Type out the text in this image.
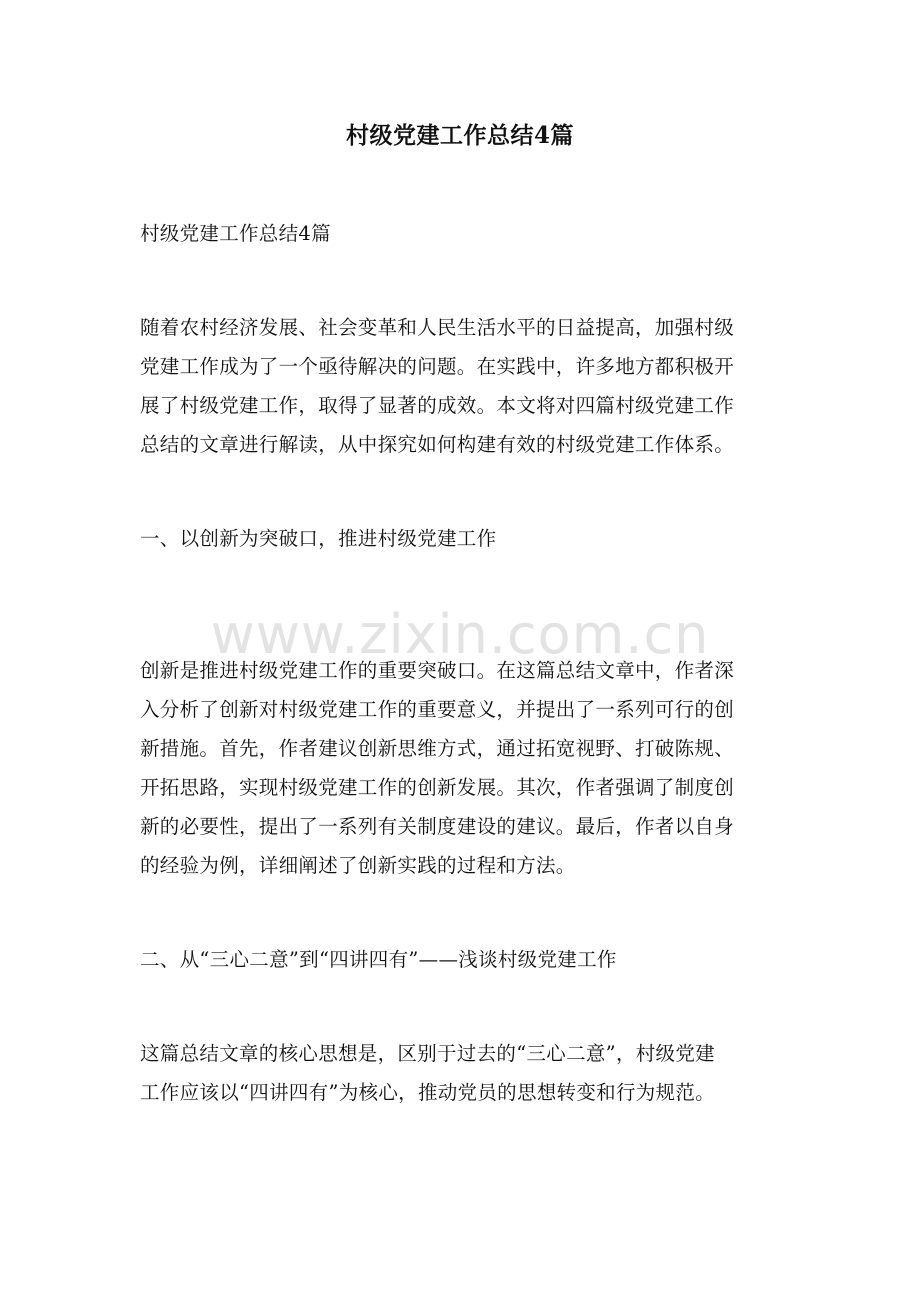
村级党建工作总结4篇
村级党建工作总结4篇
随着农村经济发展、社会变革和人民生活水平的日益提高，加强村级
党建工作成为了一个亟待解决的问题。在实践中，许多地方都积极开
展了村级党建工作，取得了显著的成效。本文将对四篇村级党建工作
总结的文章进行解读，从中探究如何构建有效的村级党建工作体系。
一、以创新为突破口，推进村级党建工作
www.zixin.com.cn
创新是推进村级党建工作的重要突破口。在这篇总结文章中，作者深
入分析了创新对村级党建工作的重要意义，并提出了一系列可行的创
新措施。首先，作者建议创新思维方式，通过拓宽视野、打破陈规、
开拓思路，实现村级党建工作的创新发展。其次，作者强调了制度创
新的必要性，提出了一系列有关制度建设的建议。最后，作者以自身
的经验为例，详细阐述了创新实践的过程和方法。
二、从“三心二意”到“四讲四有”——浅谈村级党建工作
这篇总结文章的核心思想是，区别于过去的“三心二意”，村级党建
工作应该以“四讲四有”为核心，推动党员的思想转变和行为规范。
